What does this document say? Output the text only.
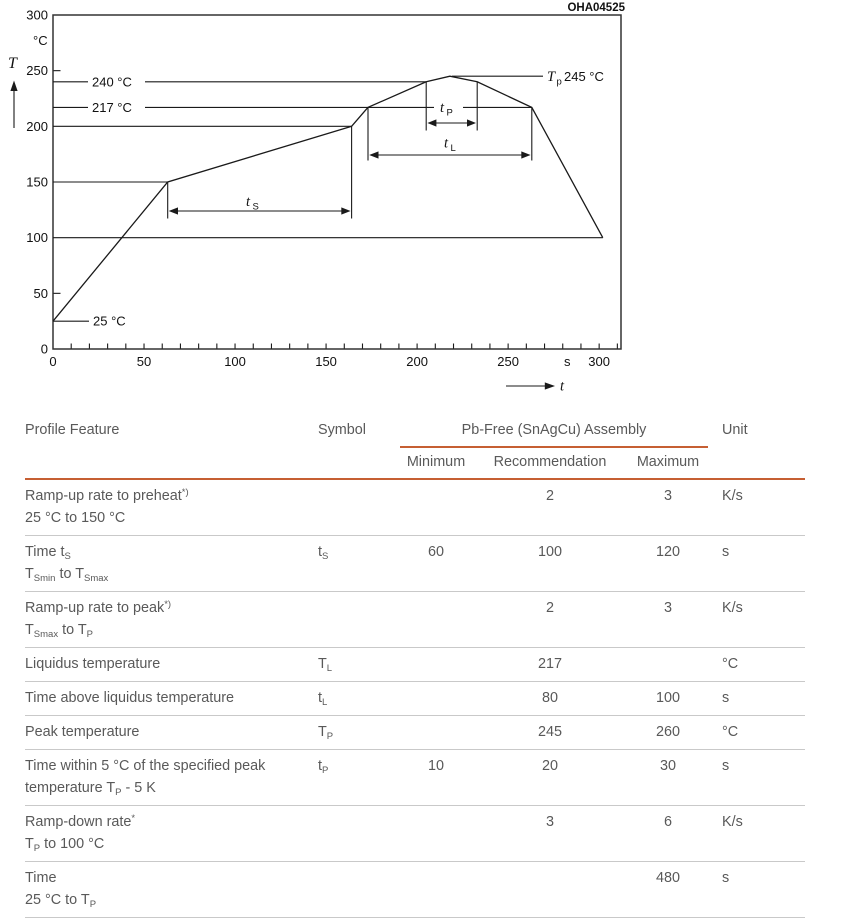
OHA04525
240 °C
217 °C
25 °C
T p 245 °C
t S
t L
t P
T
°C
s
t
0	50	100	150	200	250	300
0
50
100
150
200
250
300
Profile Feature	Symbol	Pb-Free (SnAgCu) Assembly			Unit
		Minimum	Recommendation	Maximum	

Ramp-up rate to preheat*)
25 °C to 150 °C			2	3	K/s

Time $t_S$
$T_{Smin}$ to $T_{Smax}$	$t_S$	60	100	120	s

Ramp-up rate to peak*)
$T_{Smax}$ to $T_P$			2	3	K/s

Liquidus temperature	$T_L$		217		°C

Time above liquidus temperature	$t_L$		80	100	s

Peak temperature	$T_P$		245	260	°C

Time within 5 °C of the specified peak
temperature $T_P - 5$ K	$t_P$	10	20	30	s

Ramp-down rate*
$T_P$ to 100 °C			3	6	K/s

Time
25 °C to $T_P$				480	s
